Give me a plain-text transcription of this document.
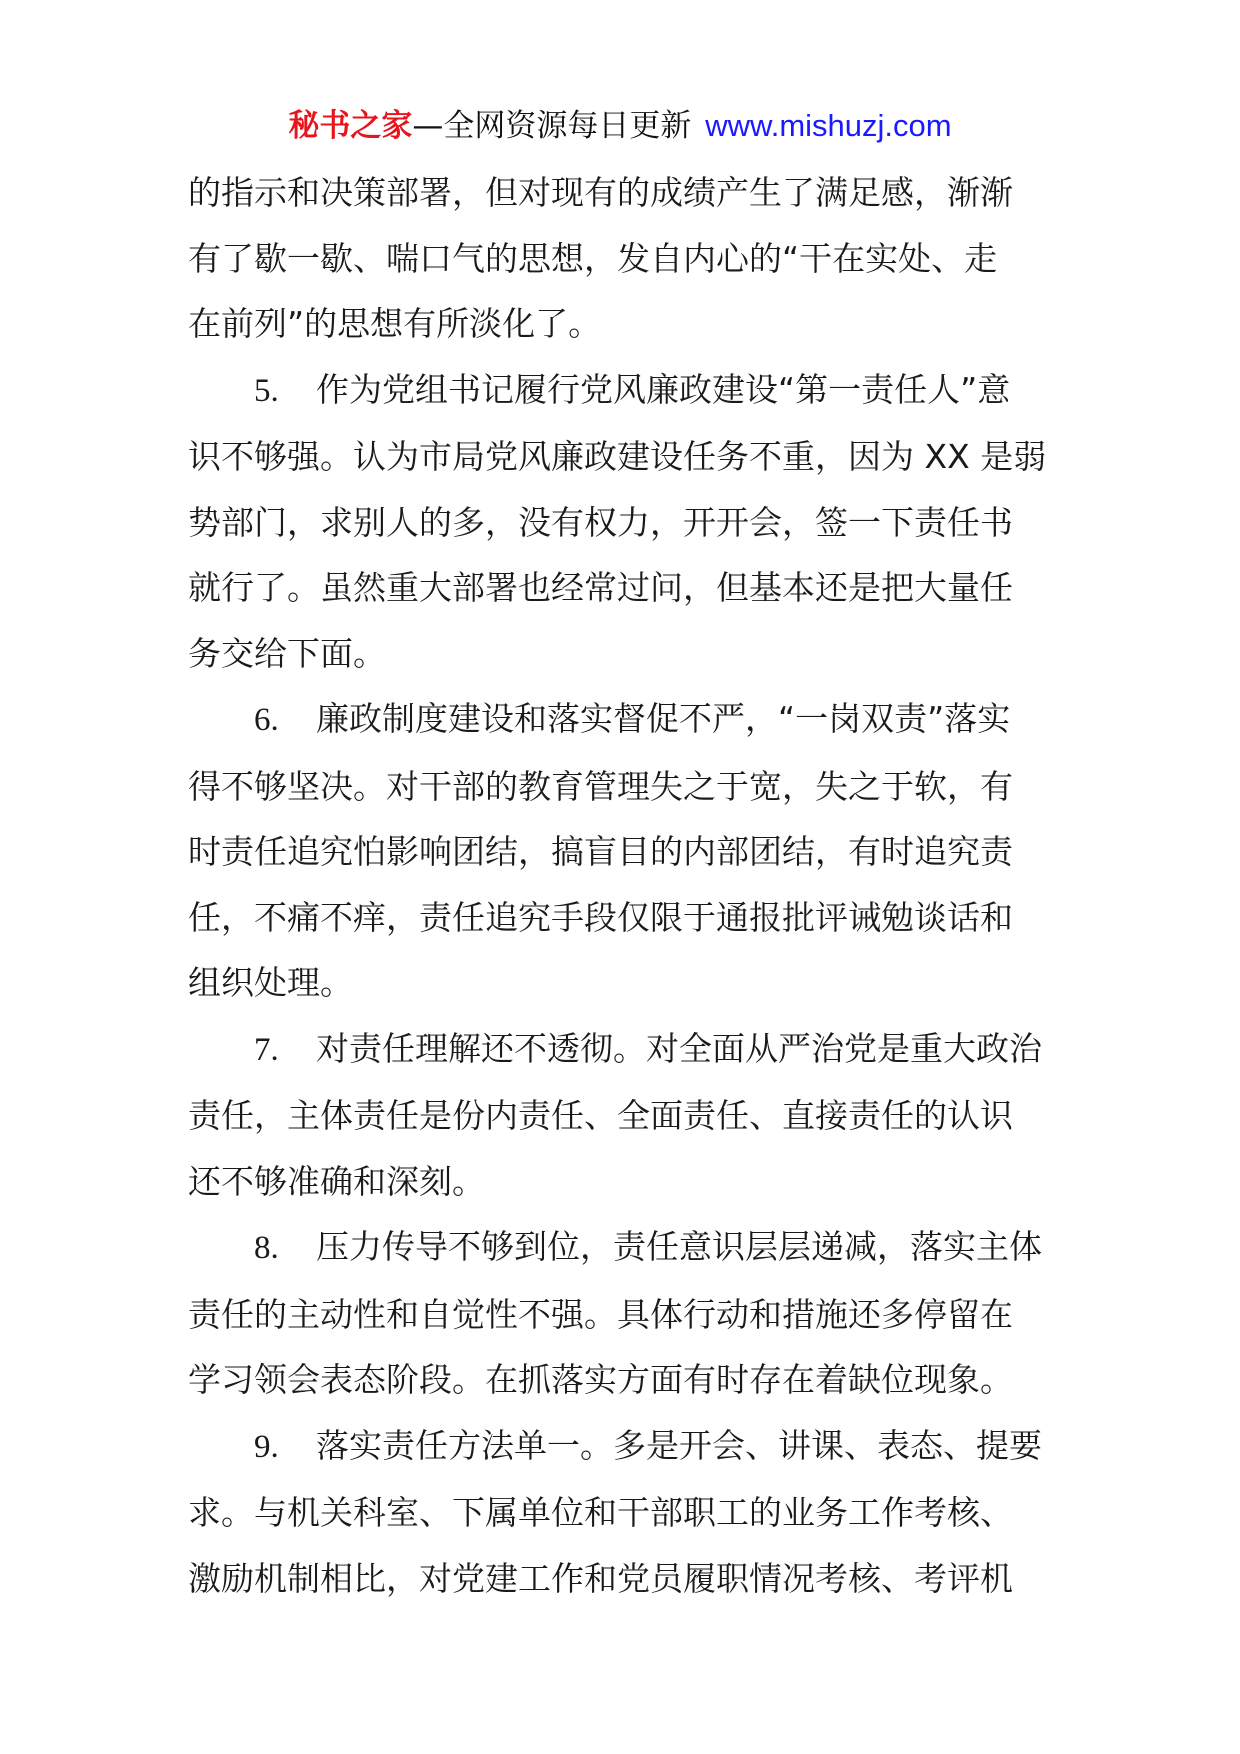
秘书之家—全网资源每日更新 www.mishuzj.com
的指示和决策部署，但对现有的成绩产生了满足感，渐渐
有了歇一歇、喘口气的思想，发自内心的“干在实处、走
在前列”的思想有所淡化了。
5. 作为党组书记履行党风廉政建设“第一责任人”意
识不够强。认为市局党风廉政建设任务不重，因为 XX 是弱
势部门，求别人的多，没有权力，开开会，签一下责任书
就行了。虽然重大部署也经常过问，但基本还是把大量任
务交给下面。
6. 廉政制度建设和落实督促不严，“一岗双责”落实
得不够坚决。对干部的教育管理失之于宽，失之于软，有
时责任追究怕影响团结，搞盲目的内部团结，有时追究责
任，不痛不痒，责任追究手段仅限于通报批评诫勉谈话和
组织处理。
7. 对责任理解还不透彻。对全面从严治党是重大政治
责任，主体责任是份内责任、全面责任、直接责任的认识
还不够准确和深刻。
8. 压力传导不够到位，责任意识层层递减，落实主体
责任的主动性和自觉性不强。具体行动和措施还多停留在
学习领会表态阶段。在抓落实方面有时存在着缺位现象。
9. 落实责任方法单一。多是开会、讲课、表态、提要
求。与机关科室、下属单位和干部职工的业务工作考核、
激励机制相比，对党建工作和党员履职情况考核、考评机
